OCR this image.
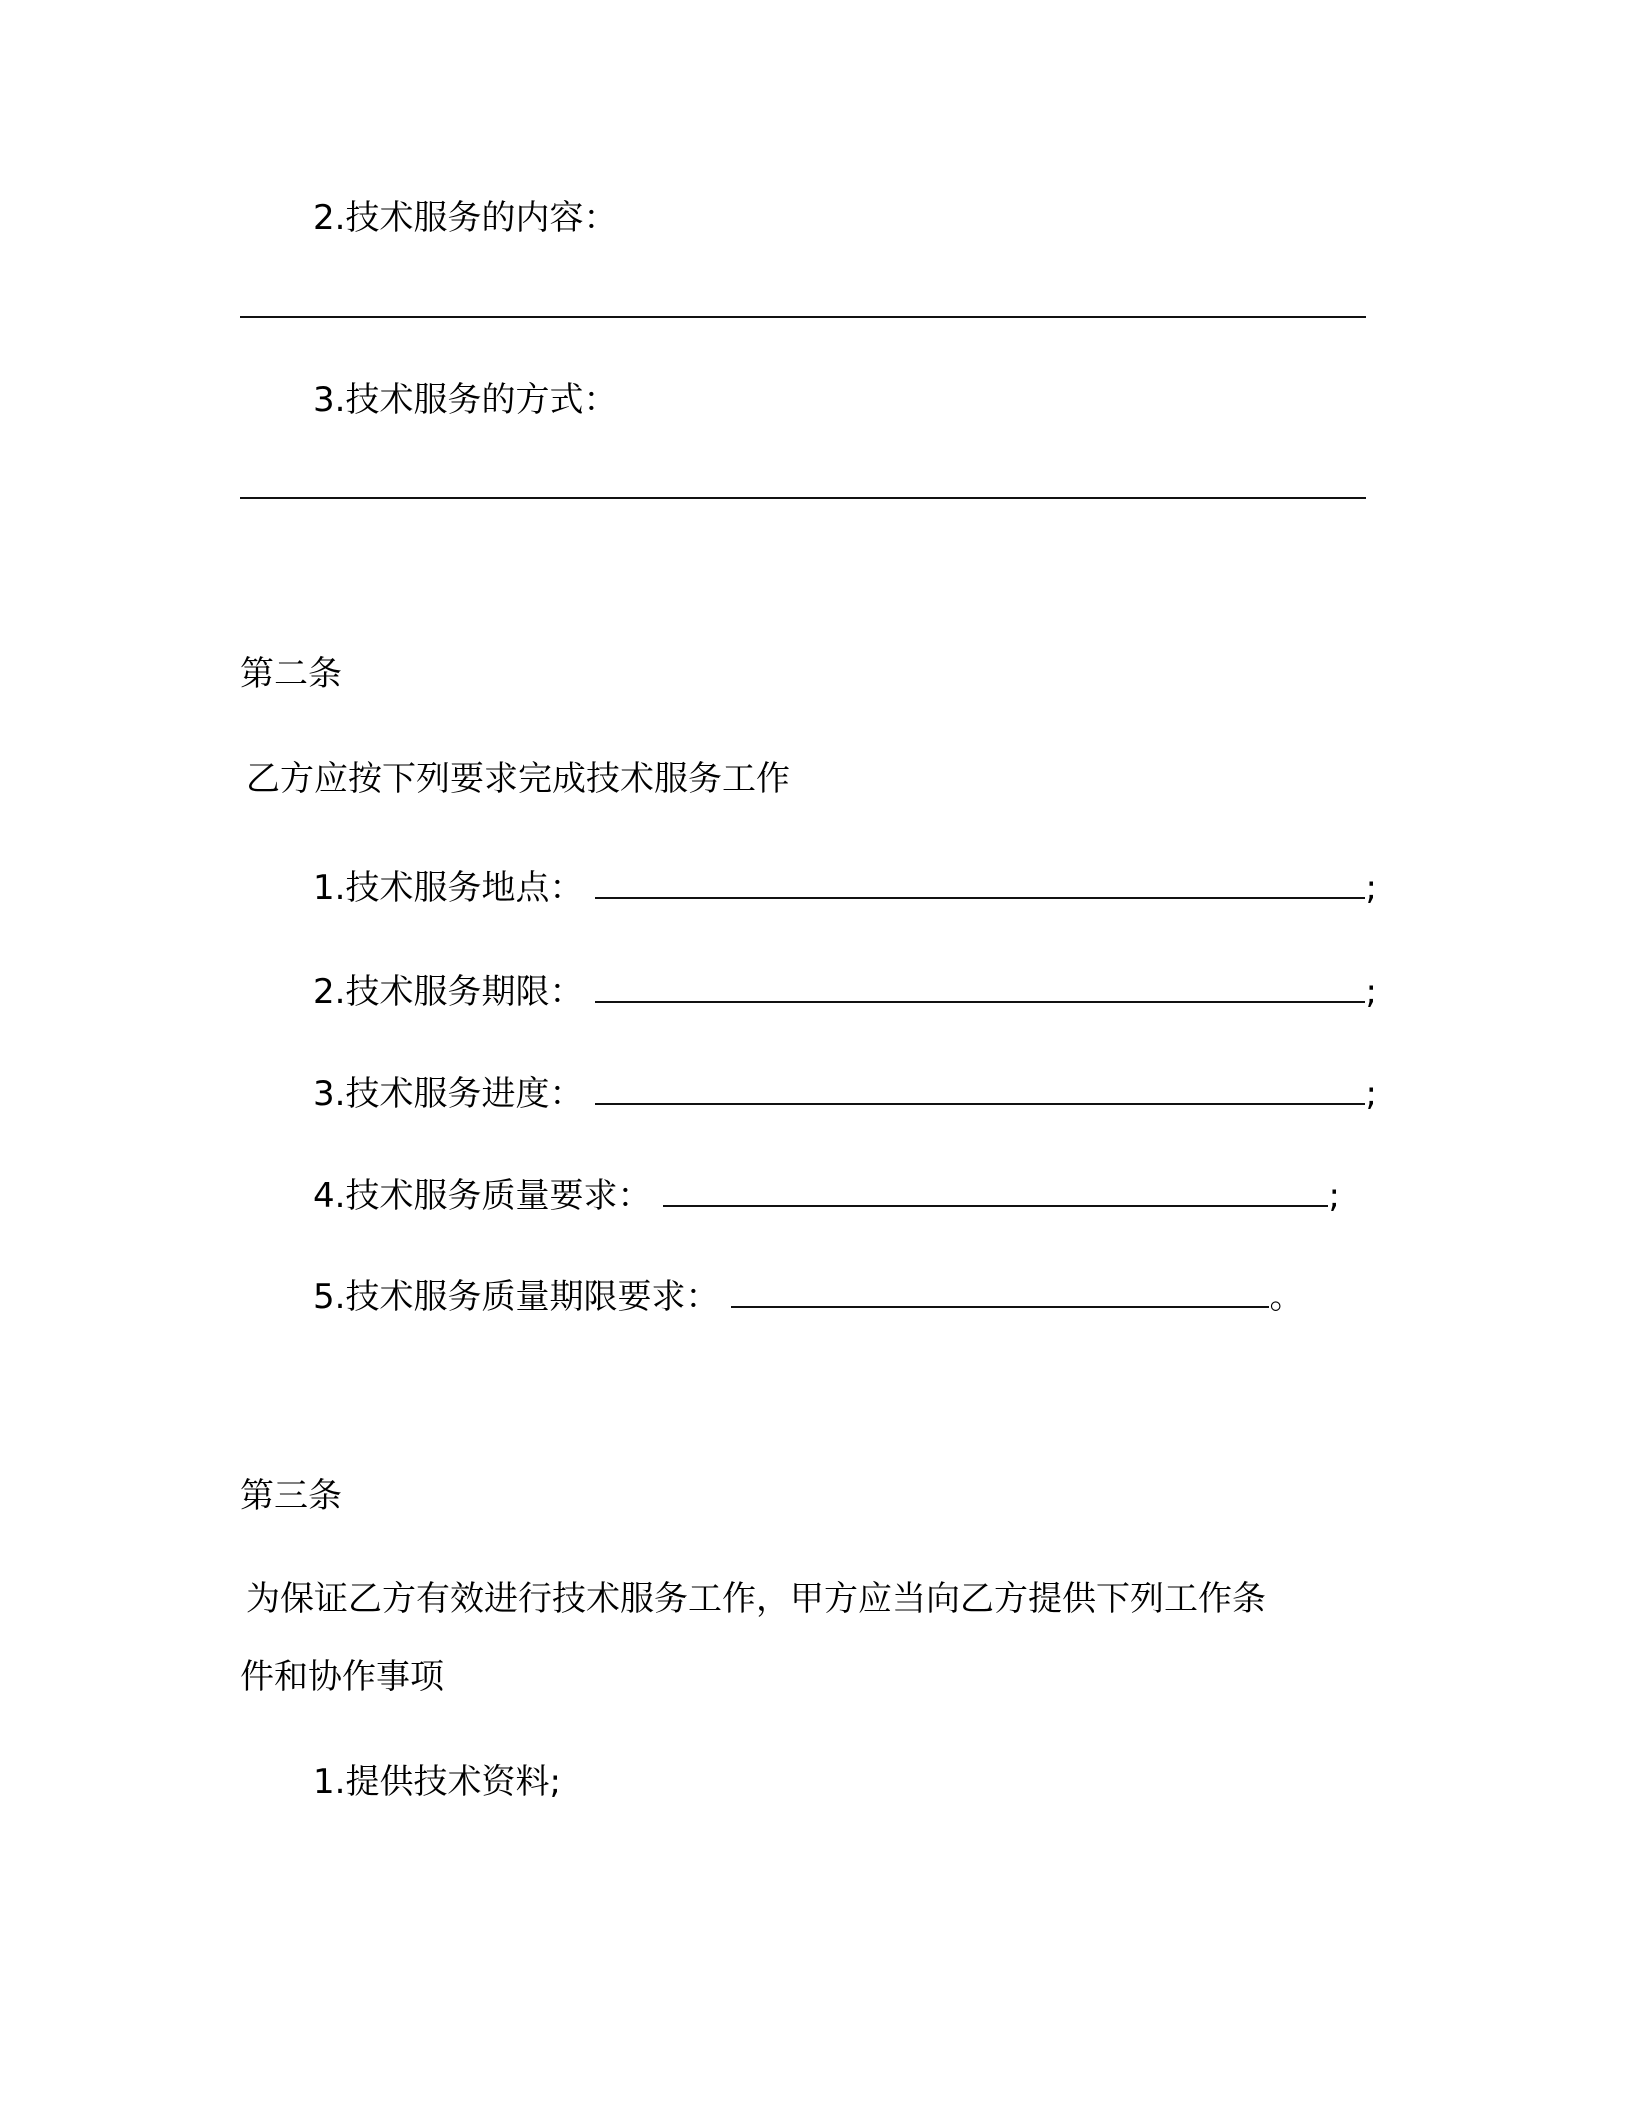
2.技术服务的内容：
3.技术服务的方式：
第二条
乙方应按下列要求完成技术服务工作
1.技术服务地点：	;
2.技术服务期限：	;
3.技术服务进度：	;
4.技术服务质量要求：	;
5.技术服务质量期限要求：	。
第三条
为保证乙方有效进行技术服务工作，甲方应当向乙方提供下列工作条
件和协作事项
1.提供技术资料;
